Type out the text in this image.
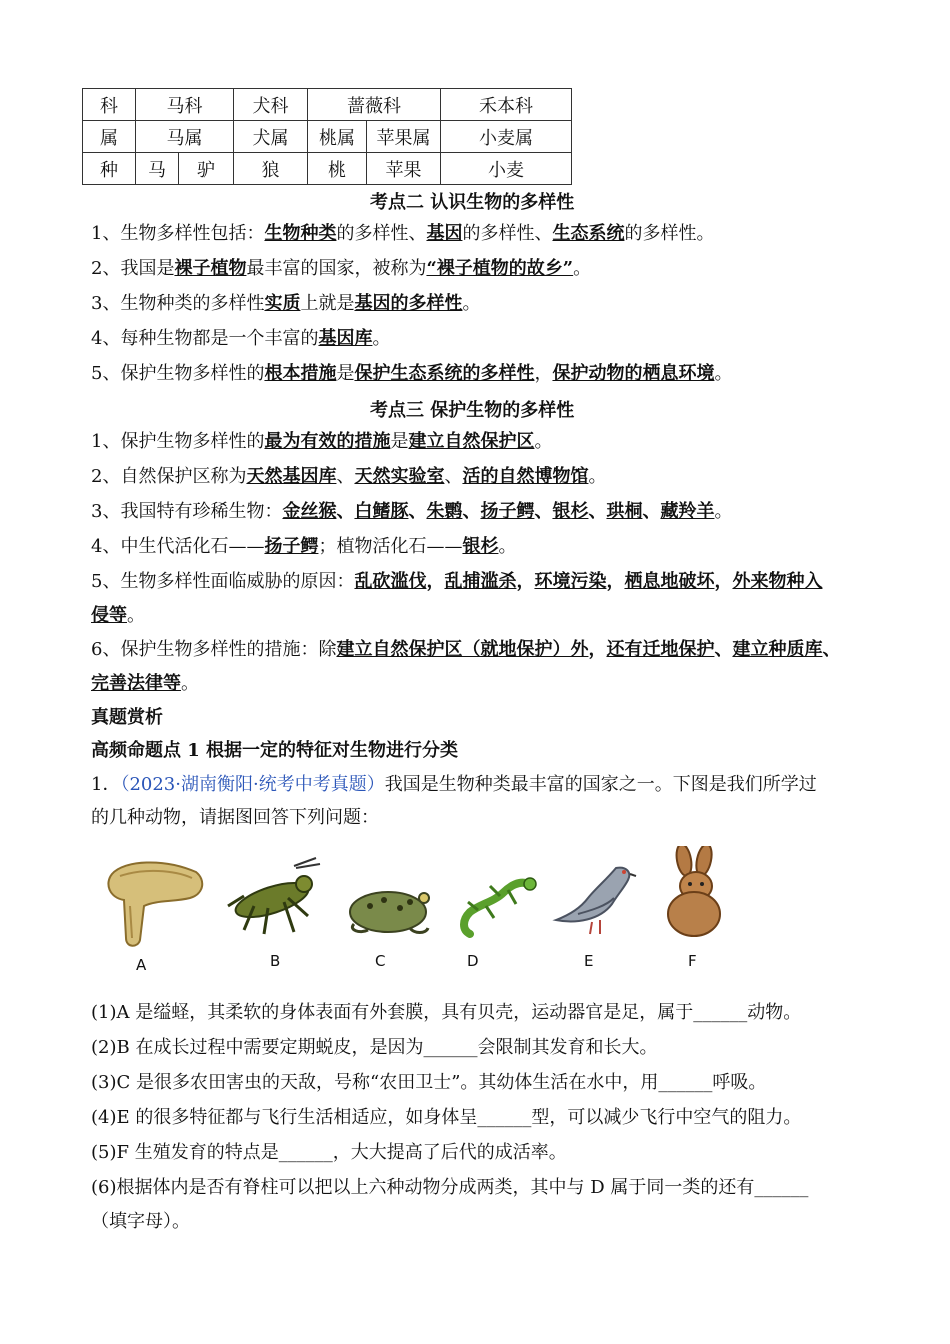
科	马科		犬科	蔷薇科		禾本科
属	马属		犬属	桃属	苹果属	小麦属
种	马	驴	狼	桃	苹果	小麦
考点二 认识生物的多样性
1、生物多样性包括：生物种类的多样性、基因的多样性、生态系统的多样性。
2、我国是裸子植物最丰富的国家，被称为“裸子植物的故乡”。
3、生物种类的多样性实质上就是基因的多样性。
4、每种生物都是一个丰富的基因库。
5、保护生物多样性的根本措施是保护生态系统的多样性，保护动物的栖息环境。
考点三 保护生物的多样性
1、保护生物多样性的最为有效的措施是建立自然保护区。
2、自然保护区称为天然基因库、天然实验室、活的自然博物馆。
3、我国特有珍稀生物：金丝猴、白鳍豚、朱鹮、扬子鳄、银杉、珙桐、藏羚羊。
4、中生代活化石——扬子鳄；植物活化石——银杉。
5、生物多样性面临威胁的原因：乱砍滥伐，乱捕滥杀，环境污染，栖息地破坏，外来物种入
侵等。
6、保护生物多样性的措施：除建立自然保护区（就地保护）外，还有迁地保护、建立种质库、
完善法律等。
真题赏析
高频命题点 1 根据一定的特征对生物进行分类
1．（2023·湖南衡阳·统考中考真题）我国是生物种类最丰富的国家之一。下图是我们所学过
的几种动物，请据图回答下列问题：
A	B	C	D	E	F
(1)A 是缢蛏，其柔软的身体表面有外套膜，具有贝壳，运动器官是足，属于______动物。
(2)B 在成长过程中需要定期蜕皮，是因为______会限制其发育和长大。
(3)C 是很多农田害虫的天敌，号称“农田卫士”。其幼体生活在水中，用______呼吸。
(4)E 的很多特征都与飞行生活相适应，如身体呈______型，可以减少飞行中空气的阻力。
(5)F 生殖发育的特点是______，大大提高了后代的成活率。
(6)根据体内是否有脊柱可以把以上六种动物分成两类，其中与 D 属于同一类的还有______
（填字母）。
